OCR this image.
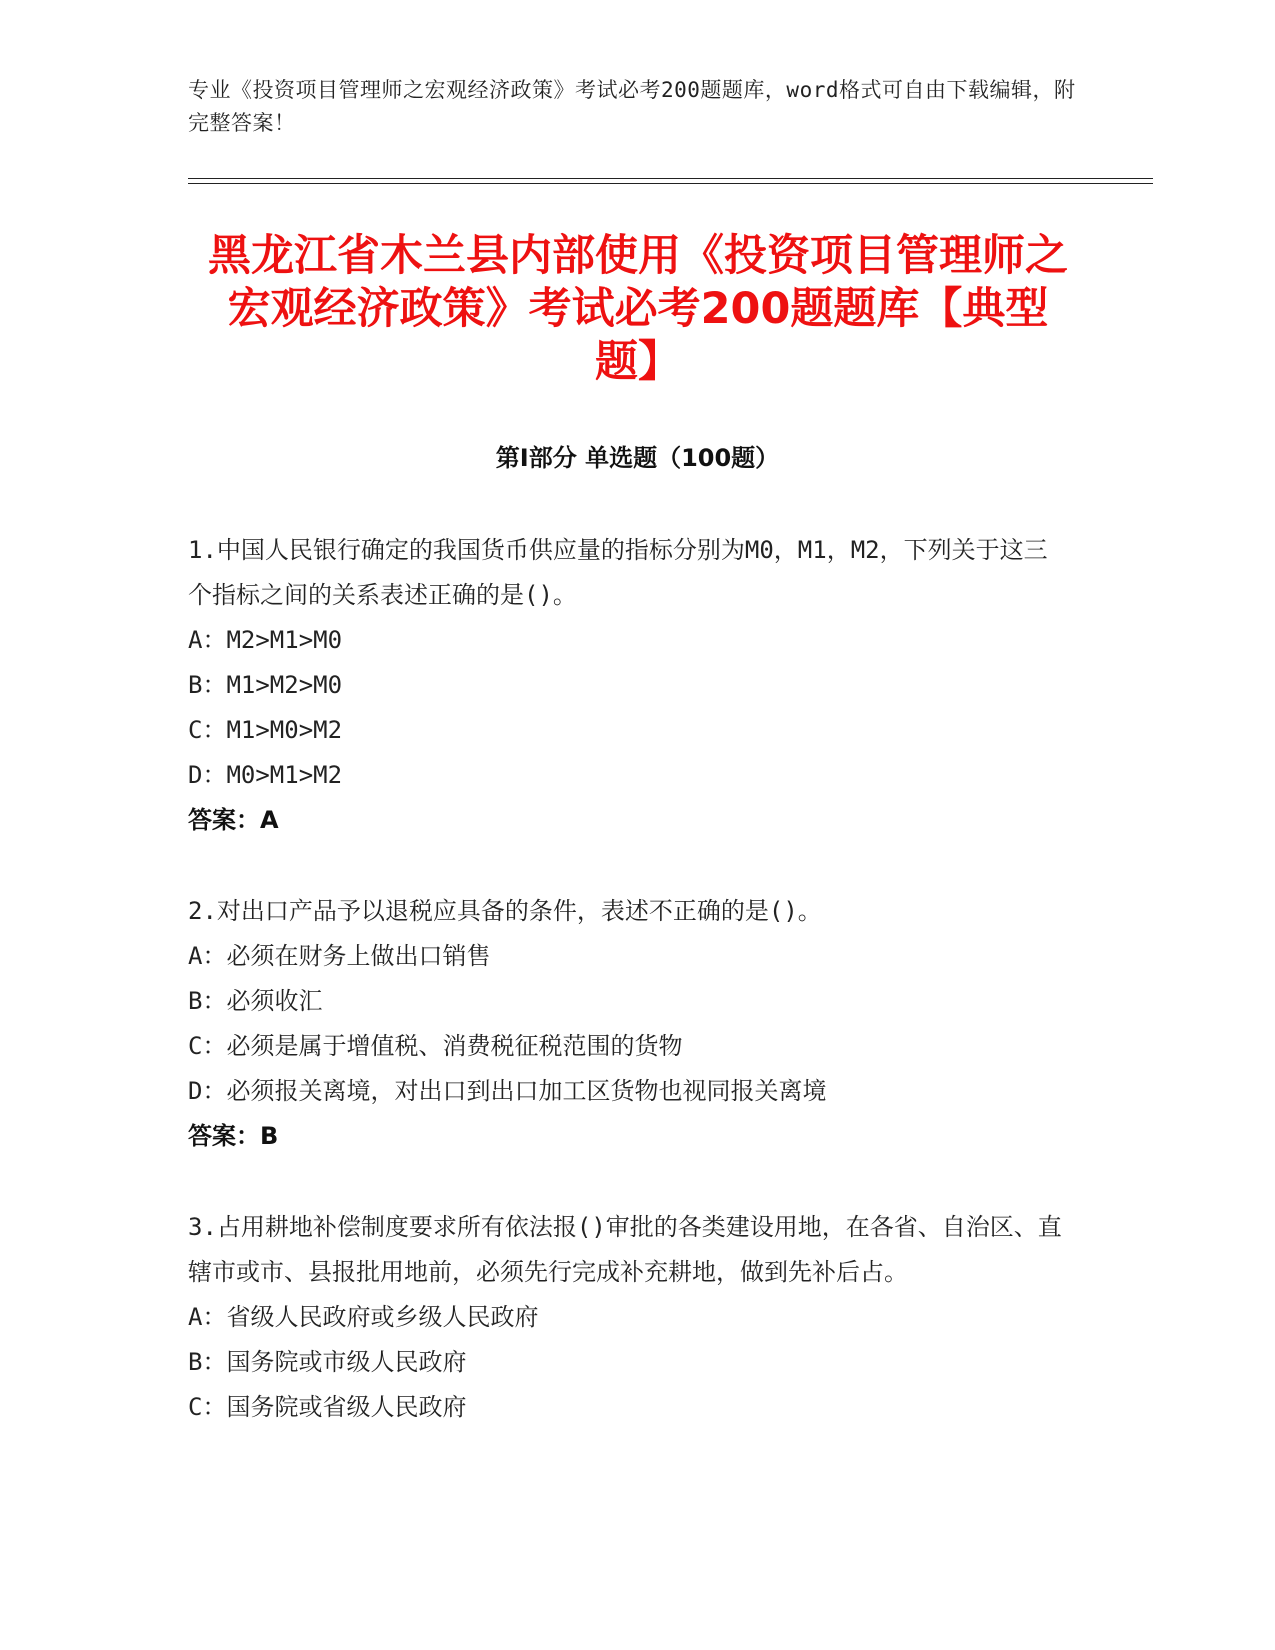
专业《投资项目管理师之宏观经济政策》考试必考200题题库，word格式可自由下载编辑，附完整答案！
黑龙江省木兰县内部使用《投资项目管理师之宏观经济政策》考试必考200题题库【典型题】
第I部分 单选题（100题）

1.中国人民银行确定的我国货币供应量的指标分别为M0，M1，M2，下列关于这三个指标之间的关系表述正确的是()。

A：M2>M1>M0

B：M1>M2>M0

C：M1>M0>M2

D：M0>M1>M2

答案：A

2.对出口产品予以退税应具备的条件，表述不正确的是()。

A：必须在财务上做出口销售

B：必须收汇

C：必须是属于增值税、消费税征税范围的货物

D：必须报关离境，对出口到出口加工区货物也视同报关离境

答案：B

3.占用耕地补偿制度要求所有依法报()审批的各类建设用地，在各省、自治区、直辖市或市、县报批用地前，必须先行完成补充耕地，做到先补后占。

A：省级人民政府或乡级人民政府

B：国务院或市级人民政府

C：国务院或省级人民政府
